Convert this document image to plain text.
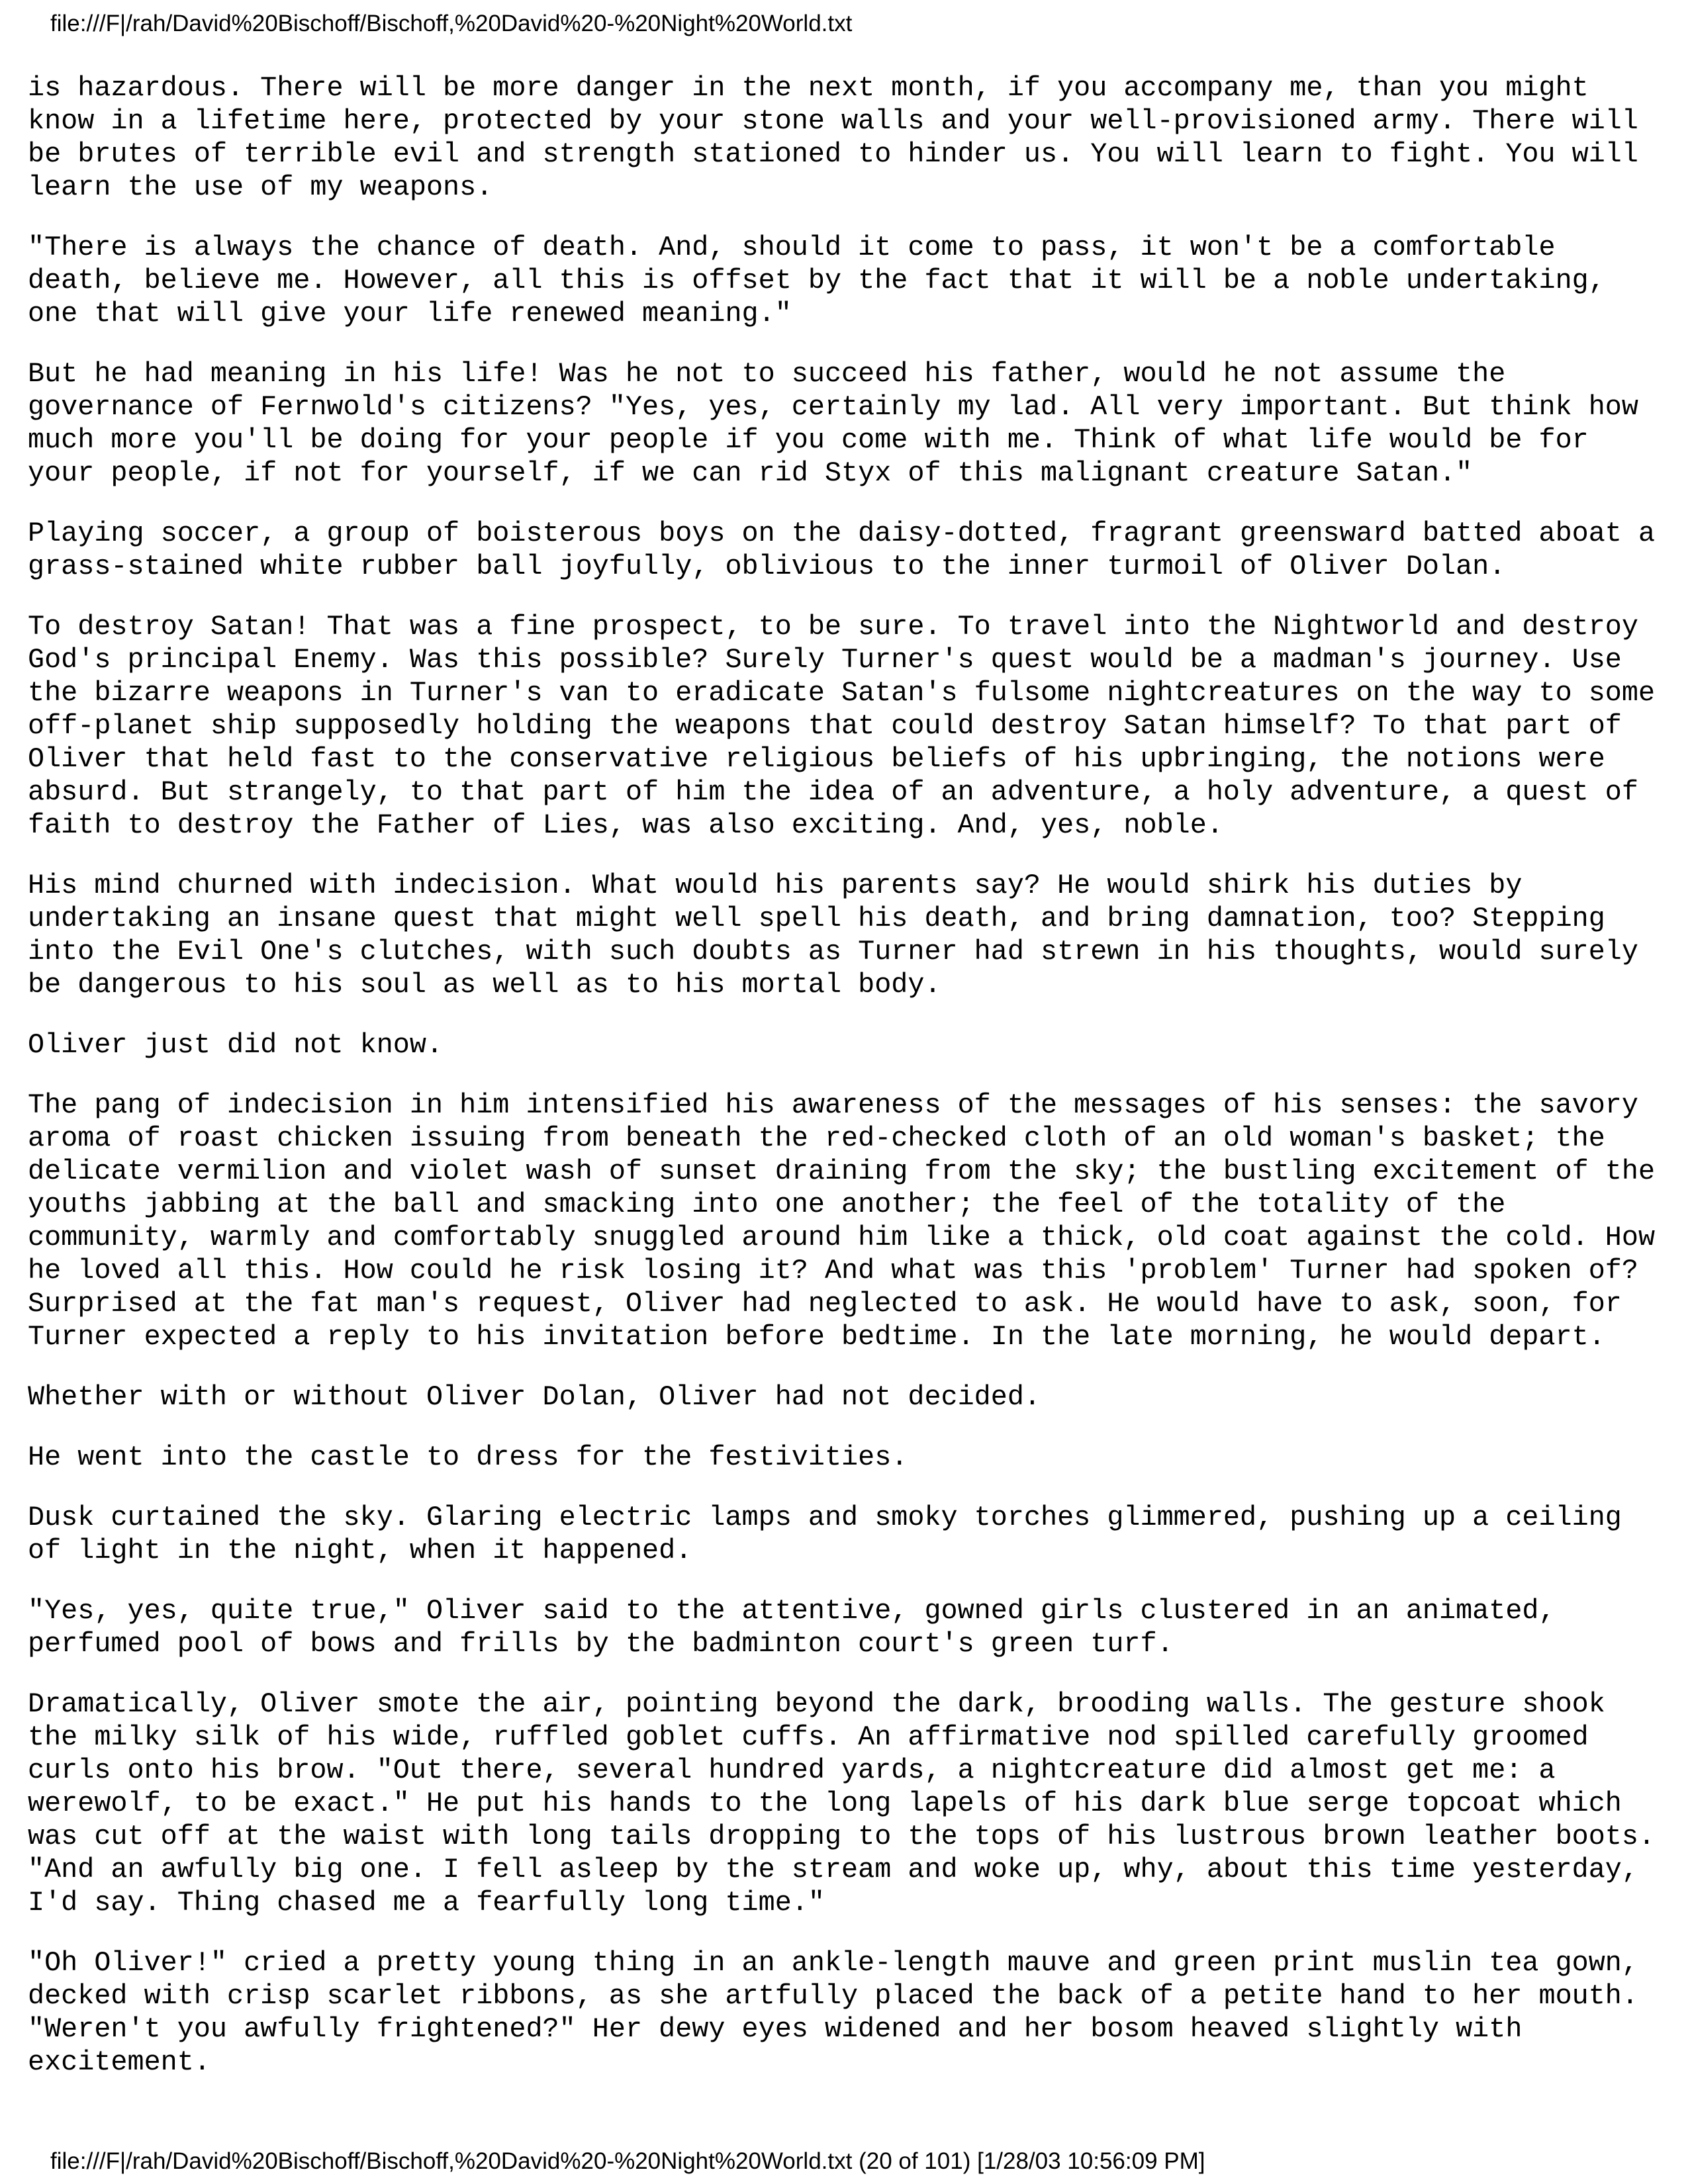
file:///F|/rah/David%20Bischoff/Bischoff,%20David%20-%20Night%20World.txt

is hazardous. There will be more danger in the next month, if you accompany me, than you might
know in a lifetime here, protected by your stone walls and your well-provisioned army. There will
be brutes of terrible evil and strength stationed to hinder us. You will learn to fight. You will
learn the use of my weapons.

"There is always the chance of death. And, should it come to pass, it won't be a comfortable
death, believe me. However, all this is offset by the fact that it will be a noble undertaking,
one that will give your life renewed meaning."

But he had meaning in his life! Was he not to succeed his father, would he not assume the
governance of Fernwold's citizens? "Yes, yes, certainly my lad. All very important. But think how
much more you'll be doing for your people if you come with me. Think of what life would be for
your people, if not for yourself, if we can rid Styx of this malignant creature Satan."

Playing soccer, a group of boisterous boys on the daisy-dotted, fragrant greensward batted aboat a
grass-stained white rubber ball joyfully, oblivious to the inner turmoil of Oliver Dolan.

To destroy Satan! That was a fine prospect, to be sure. To travel into the Nightworld and destroy
God's principal Enemy. Was this possible? Surely Turner's quest would be a madman's journey. Use
the bizarre weapons in Turner's van to eradicate Satan's fulsome nightcreatures on the way to some
off-planet ship supposedly holding the weapons that could destroy Satan himself? To that part of
Oliver that held fast to the conservative religious beliefs of his upbringing, the notions were
absurd. But strangely, to that part of him the idea of an adventure, a holy adventure, a quest of
faith to destroy the Father of Lies, was also exciting. And, yes, noble.

His mind churned with indecision. What would his parents say? He would shirk his duties by
undertaking an insane quest that might well spell his death, and bring damnation, too? Stepping
into the Evil One's clutches, with such doubts as Turner had strewn in his thoughts, would surely
be dangerous to his soul as well as to his mortal body.

Oliver just did not know.

The pang of indecision in him intensified his awareness of the messages of his senses: the savory
aroma of roast chicken issuing from beneath the red-checked cloth of an old woman's basket; the
delicate vermilion and violet wash of sunset draining from the sky; the bustling excitement of the
youths jabbing at the ball and smacking into one another; the feel of the totality of the
community, warmly and comfortably snuggled around him like a thick, old coat against the cold. How
he loved all this. How could he risk losing it? And what was this 'problem' Turner had spoken of?
Surprised at the fat man's request, Oliver had neglected to ask. He would have to ask, soon, for
Turner expected a reply to his invitation before bedtime. In the late morning, he would depart.

Whether with or without Oliver Dolan, Oliver had not decided.

He went into the castle to dress for the festivities.

Dusk curtained the sky. Glaring electric lamps and smoky torches glimmered, pushing up a ceiling
of light in the night, when it happened.

"Yes, yes, quite true," Oliver said to the attentive, gowned girls clustered in an animated,
perfumed pool of bows and frills by the badminton court's green turf.

Dramatically, Oliver smote the air, pointing beyond the dark, brooding walls. The gesture shook
the milky silk of his wide, ruffled goblet cuffs. An affirmative nod spilled carefully groomed
curls onto his brow. "Out there, several hundred yards, a nightcreature did almost get me: a
werewolf, to be exact." He put his hands to the long lapels of his dark blue serge topcoat which
was cut off at the waist with long tails dropping to the tops of his lustrous brown leather boots.
"And an awfully big one. I fell asleep by the stream and woke up, why, about this time yesterday,
I'd say. Thing chased me a fearfully long time."

"Oh Oliver!" cried a pretty young thing in an ankle-length mauve and green print muslin tea gown,
decked with crisp scarlet ribbons, as she artfully placed the back of a petite hand to her mouth.
"Weren't you awfully frightened?" Her dewy eyes widened and her bosom heaved slightly with
excitement.

file:///F|/rah/David%20Bischoff/Bischoff,%20David%20-%20Night%20World.txt (20 of 101) [1/28/03 10:56:09 PM]
